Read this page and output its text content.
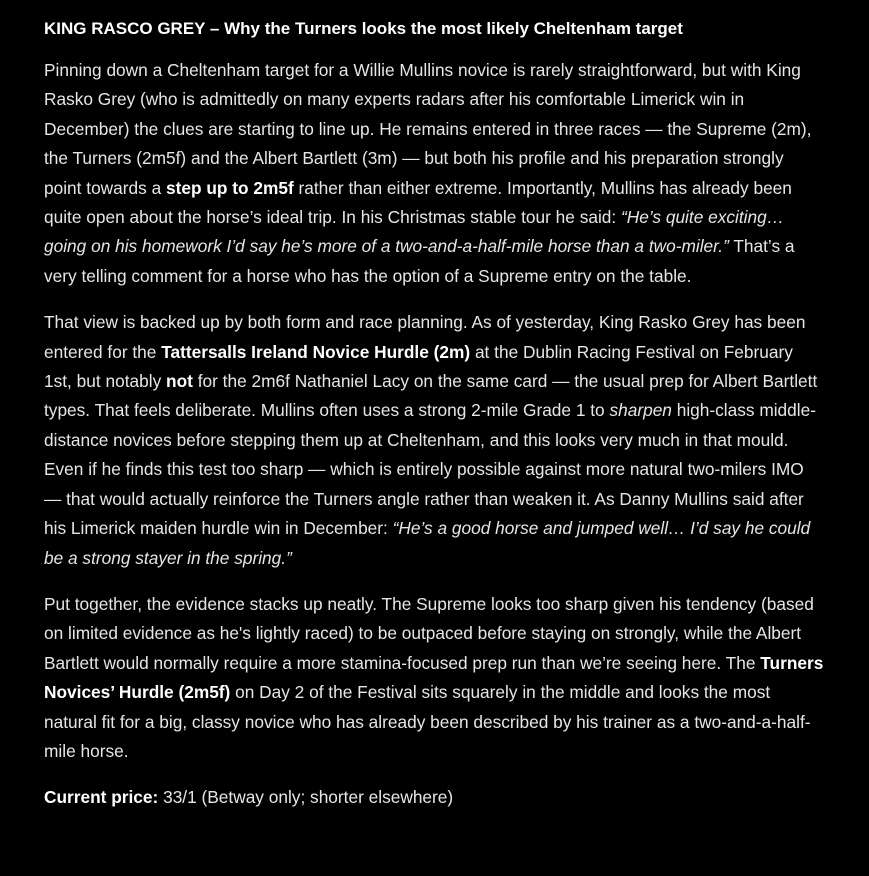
KING RASCO GREY – Why the Turners looks the most likely Cheltenham target

Pinning down a Cheltenham target for a Willie Mullins novice is rarely straightforward, but with King Rasko Grey (who is admittedly on many experts radars after his comfortable Limerick win in December) the clues are starting to line up. He remains entered in three races — the Supreme (2m), the Turners (2m5f) and the Albert Bartlett (3m) — but both his profile and his preparation strongly point towards a step up to 2m5f rather than either extreme. Importantly, Mullins has already been quite open about the horse’s ideal trip. In his Christmas stable tour he said: “He’s quite exciting… going on his homework I’d say he’s more of a two-and-a-half-mile horse than a two-miler.” That’s a very telling comment for a horse who has the option of a Supreme entry on the table.

That view is backed up by both form and race planning. As of yesterday, King Rasko Grey has been entered for the Tattersalls Ireland Novice Hurdle (2m) at the Dublin Racing Festival on February 1st, but notably not for the 2m6f Nathaniel Lacy on the same card — the usual prep for Albert Bartlett types. That feels deliberate. Mullins often uses a strong 2-mile Grade 1 to sharpen high-class middle-distance novices before stepping them up at Cheltenham, and this looks very much in that mould. Even if he finds this test too sharp — which is entirely possible against more natural two-milers IMO — that would actually reinforce the Turners angle rather than weaken it. As Danny Mullins said after his Limerick maiden hurdle win in December: “He’s a good horse and jumped well… I’d say he could be a strong stayer in the spring.”

Put together, the evidence stacks up neatly. The Supreme looks too sharp given his tendency (based on limited evidence as he's lightly raced) to be outpaced before staying on strongly, while the Albert Bartlett would normally require a more stamina-focused prep run than we’re seeing here. The Turners Novices’ Hurdle (2m5f) on Day 2 of the Festival sits squarely in the middle and looks the most natural fit for a big, classy novice who has already been described by his trainer as a two-and-a-half-mile horse.

Current price: 33/1 (Betway only; shorter elsewhere)
